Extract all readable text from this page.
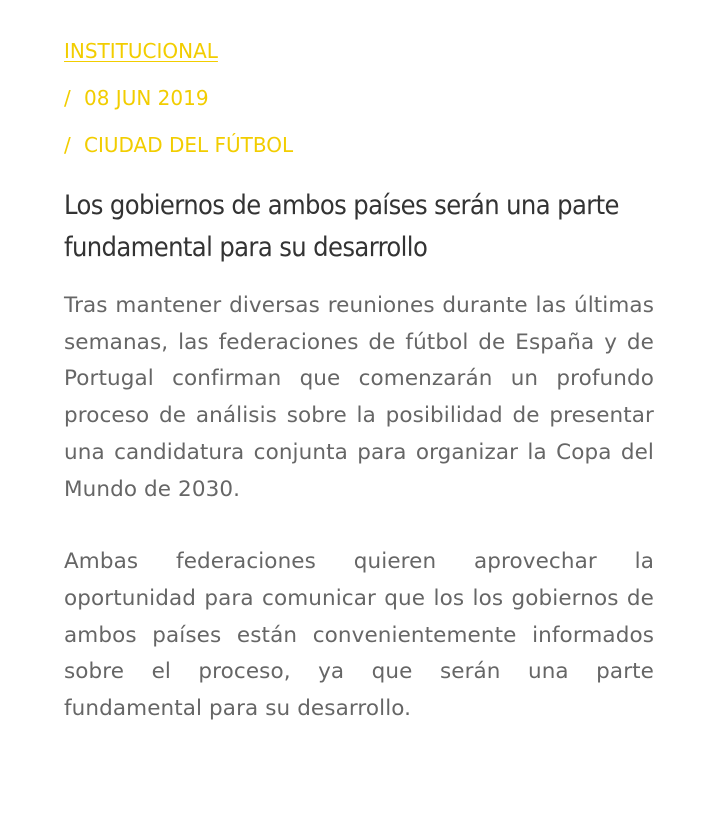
INSTITUCIONAL
/ 08 JUN 2019
/ CIUDAD DEL FÚTBOL
Los gobiernos de ambos países serán una parte fundamental para su desarrollo

Tras mantener diversas reuniones durante las últimas semanas, las federaciones de fútbol de España y de Portugal confirman que comenzarán un profundo proceso de análisis sobre la posibilidad de presentar una candidatura conjunta para organizar la Copa del Mundo de 2030.

Ambas federaciones quieren aprovechar la oportunidad para comunicar que los los gobiernos de ambos países están convenientemente informados sobre el proceso, ya que serán una parte fundamental para su desarrollo.
